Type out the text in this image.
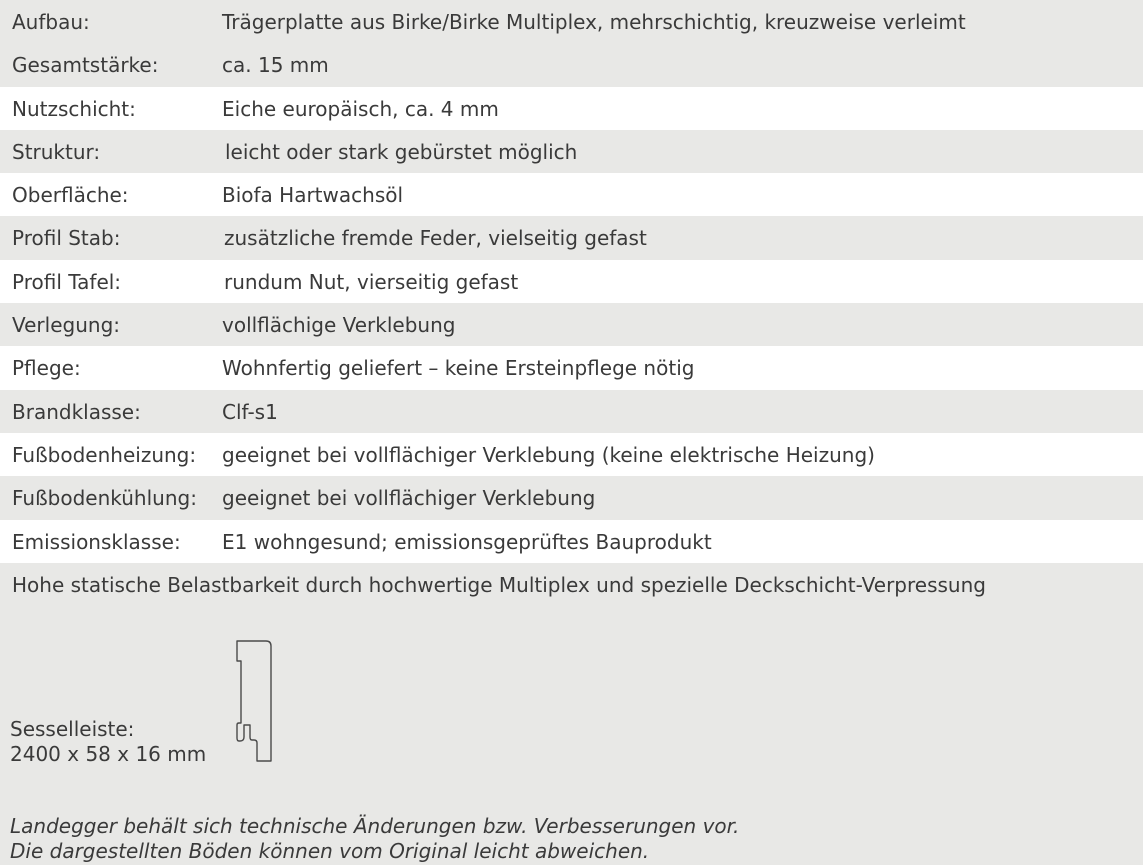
Aufbau:	Trägerplatte aus Birke/Birke Multiplex, mehrschichtig, kreuzweise verleimt
Gesamtstärke:	ca. 15 mm
Nutzschicht:	Eiche europäisch, ca. 4 mm
Struktur:	leicht oder stark gebürstet möglich
Oberfläche:	Biofa Hartwachsöl
Profil Stab:	zusätzliche fremde Feder, vielseitig gefast
Profil Tafel:	rundum Nut, vierseitig gefast
Verlegung:	vollflächige Verklebung
Pflege:	Wohnfertig geliefert – keine Ersteinpflege nötig
Brandklasse:	Clf-s1
Fußbodenheizung: geeignet bei vollflächiger Verklebung (keine elektrische Heizung)
Fußbodenkühlung: geeignet bei vollflächiger Verklebung
Emissionsklasse: E1 wohngesund; emissionsgeprüftes Bauprodukt
Hohe statische Belastbarkeit durch hochwertige Multiplex und spezielle Deckschicht-Verpressung
Sesselleiste:
2400 x 58 x 16 mm
Landegger behält sich technische Änderungen bzw. Verbesserungen vor.
Die dargestellten Böden können vom Original leicht abweichen.
